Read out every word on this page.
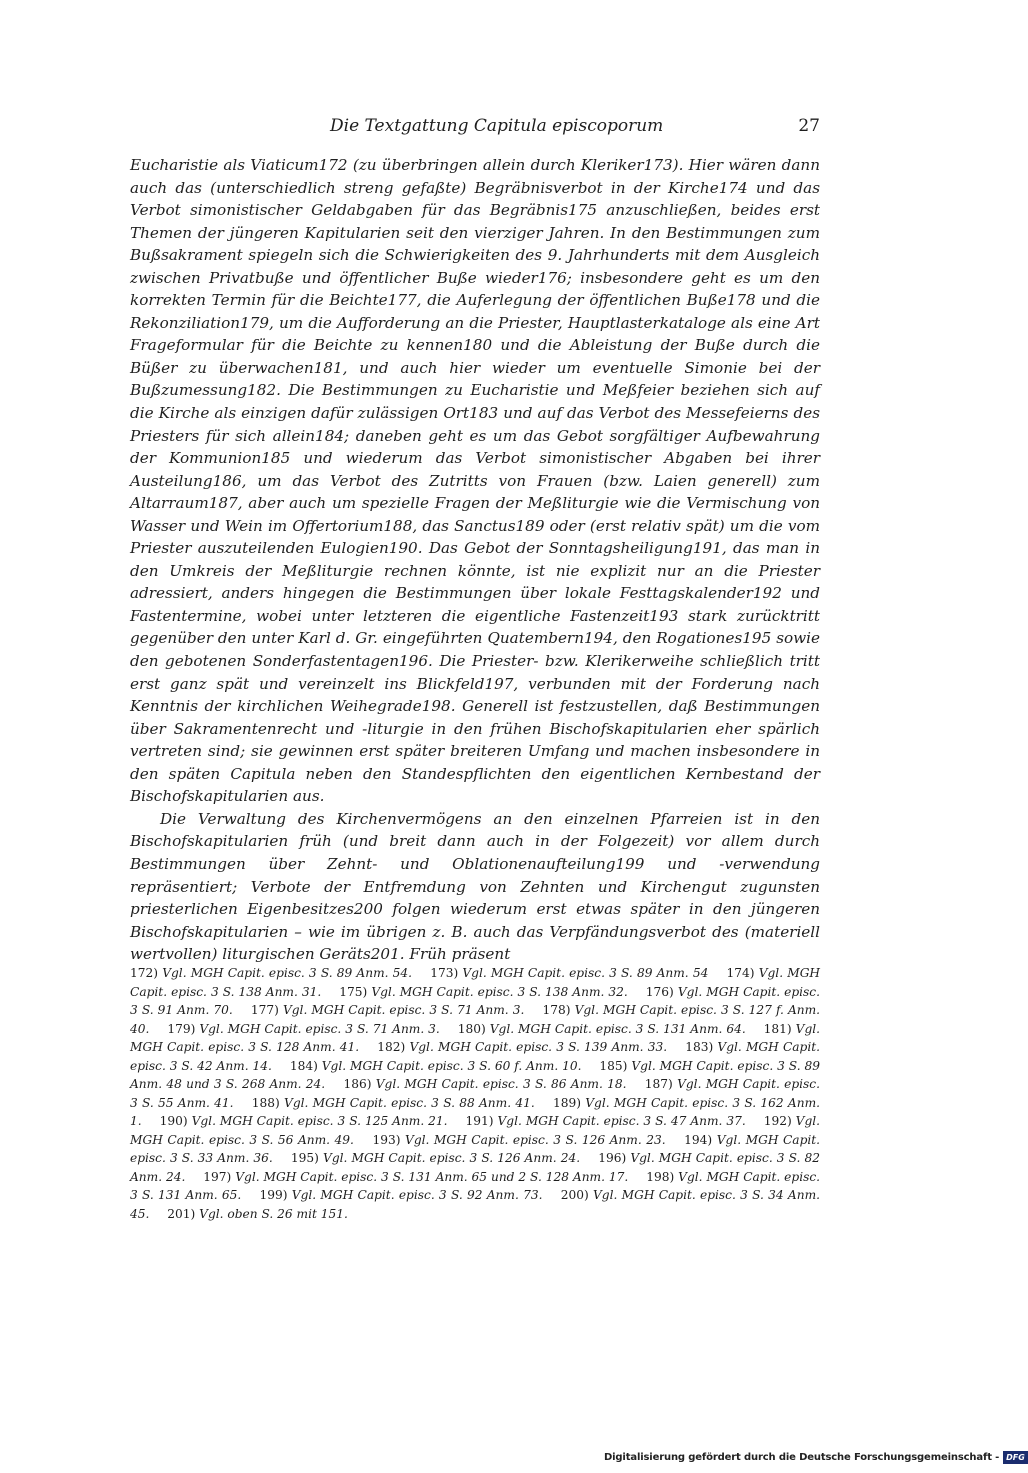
Die Textgattung Capitula episcoporum	27

Eucharistie als Viaticum172 (zu überbringen allein durch Kleriker173). Hier wären dann auch das (unterschiedlich streng gefaßte) Begräbnisverbot in der Kirche174 und das Verbot simonistischer Geldabgaben für das Begräbnis175 anzuschließen, beides erst Themen der jüngeren Kapitularien seit den vierziger Jahren. In den Bestimmungen zum Bußsakrament spiegeln sich die Schwierigkeiten des 9. Jahrhunderts mit dem Ausgleich zwischen Privatbuße und öffentlicher Buße wieder176; insbesondere geht es um den korrekten Termin für die Beichte177, die Auferlegung der öffentlichen Buße178 und die Rekonziliation179, um die Aufforderung an die Priester, Hauptlasterkataloge als eine Art Frageformular für die Beichte zu kennen180 und die Ableistung der Buße durch die Büßer zu überwachen181, und auch hier wieder um eventuelle Simonie bei der Bußzumessung182. Die Bestimmungen zu Eucharistie und Meßfeier beziehen sich auf die Kirche als einzigen dafür zulässigen Ort183 und auf das Verbot des Messefeierns des Priesters für sich allein184; daneben geht es um das Gebot sorgfältiger Aufbewahrung der Kommunion185 und wiederum das Verbot simonistischer Abgaben bei ihrer Austeilung186, um das Verbot des Zutritts von Frauen (bzw. Laien generell) zum Altarraum187, aber auch um spezielle Fragen der Meßliturgie wie die Vermischung von Wasser und Wein im Offertorium188, das Sanctus189 oder (erst relativ spät) um die vom Priester auszuteilenden Eulogien190. Das Gebot der Sonntagsheiligung191, das man in den Umkreis der Meßliturgie rechnen könnte, ist nie explizit nur an die Priester adressiert, anders hingegen die Bestimmungen über lokale Festtagskalender192 und Fastentermine, wobei unter letzteren die eigentliche Fastenzeit193 stark zurücktritt gegenüber den unter Karl d. Gr. eingeführten Quatembern194, den Rogationes195 sowie den gebotenen Sonderfastentagen196. Die Priester- bzw. Klerikerweihe schließlich tritt erst ganz spät und vereinzelt ins Blickfeld197, verbunden mit der Forderung nach Kenntnis der kirchlichen Weihegrade198. Generell ist festzustellen, daß Bestimmungen über Sakramentenrecht und -liturgie in den frühen Bischofskapitularien eher spärlich vertreten sind; sie gewinnen erst später breiteren Umfang und machen insbesondere in den späten Capitula neben den Standespflichten den eigentlichen Kernbestand der Bischofskapitularien aus.

Die Verwaltung des Kirchenvermögens an den einzelnen Pfarreien ist in den Bischofskapitularien früh (und breit dann auch in der Folgezeit) vor allem durch Bestimmungen über Zehnt- und Oblationenaufteilung199 und -verwendung repräsentiert; Verbote der Entfremdung von Zehnten und Kirchengut zugunsten priesterlichen Eigenbesitzes200 folgen wiederum erst etwas später in den jüngeren Bischofskapitularien – wie im übrigen z. B. auch das Verpfändungsverbot des (materiell wertvollen) liturgischen Geräts201. Früh präsent

172) Vgl. MGH Capit. episc. 3 S. 89 Anm. 54. 173) Vgl. MGH Capit. episc. 3 S. 89 Anm. 54 174) Vgl. MGH Capit. episc. 3 S. 138 Anm. 31. 175) Vgl. MGH Capit. episc. 3 S. 138 Anm. 32. 176) Vgl. MGH Capit. episc. 3 S. 91 Anm. 70. 177) Vgl. MGH Capit. episc. 3 S. 71 Anm. 3. 178) Vgl. MGH Capit. episc. 3 S. 127 f. Anm. 40. 179) Vgl. MGH Capit. episc. 3 S. 71 Anm. 3. 180) Vgl. MGH Capit. episc. 3 S. 131 Anm. 64. 181) Vgl. MGH Capit. episc. 3 S. 128 Anm. 41. 182) Vgl. MGH Capit. episc. 3 S. 139 Anm. 33. 183) Vgl. MGH Capit. episc. 3 S. 42 Anm. 14. 184) Vgl. MGH Capit. episc. 3 S. 60 f. Anm. 10. 185) Vgl. MGH Capit. episc. 3 S. 89 Anm. 48 und 3 S. 268 Anm. 24. 186) Vgl. MGH Capit. episc. 3 S. 86 Anm. 18. 187) Vgl. MGH Capit. episc. 3 S. 55 Anm. 41. 188) Vgl. MGH Capit. episc. 3 S. 88 Anm. 41. 189) Vgl. MGH Capit. episc. 3 S. 162 Anm. 1. 190) Vgl. MGH Capit. episc. 3 S. 125 Anm. 21. 191) Vgl. MGH Capit. episc. 3 S. 47 Anm. 37. 192) Vgl. MGH Capit. episc. 3 S. 56 Anm. 49. 193) Vgl. MGH Capit. episc. 3 S. 126 Anm. 23. 194) Vgl. MGH Capit. episc. 3 S. 33 Anm. 36. 195) Vgl. MGH Capit. episc. 3 S. 126 Anm. 24. 196) Vgl. MGH Capit. episc. 3 S. 82 Anm. 24. 197) Vgl. MGH Capit. episc. 3 S. 131 Anm. 65 und 2 S. 128 Anm. 17. 198) Vgl. MGH Capit. episc. 3 S. 131 Anm. 65. 199) Vgl. MGH Capit. episc. 3 S. 92 Anm. 73. 200) Vgl. MGH Capit. episc. 3 S. 34 Anm. 45. 201) Vgl. oben S. 26 mit 151.
Digitalisierung gefördert durch die Deutsche Forschungsgemeinschaft - DFG
